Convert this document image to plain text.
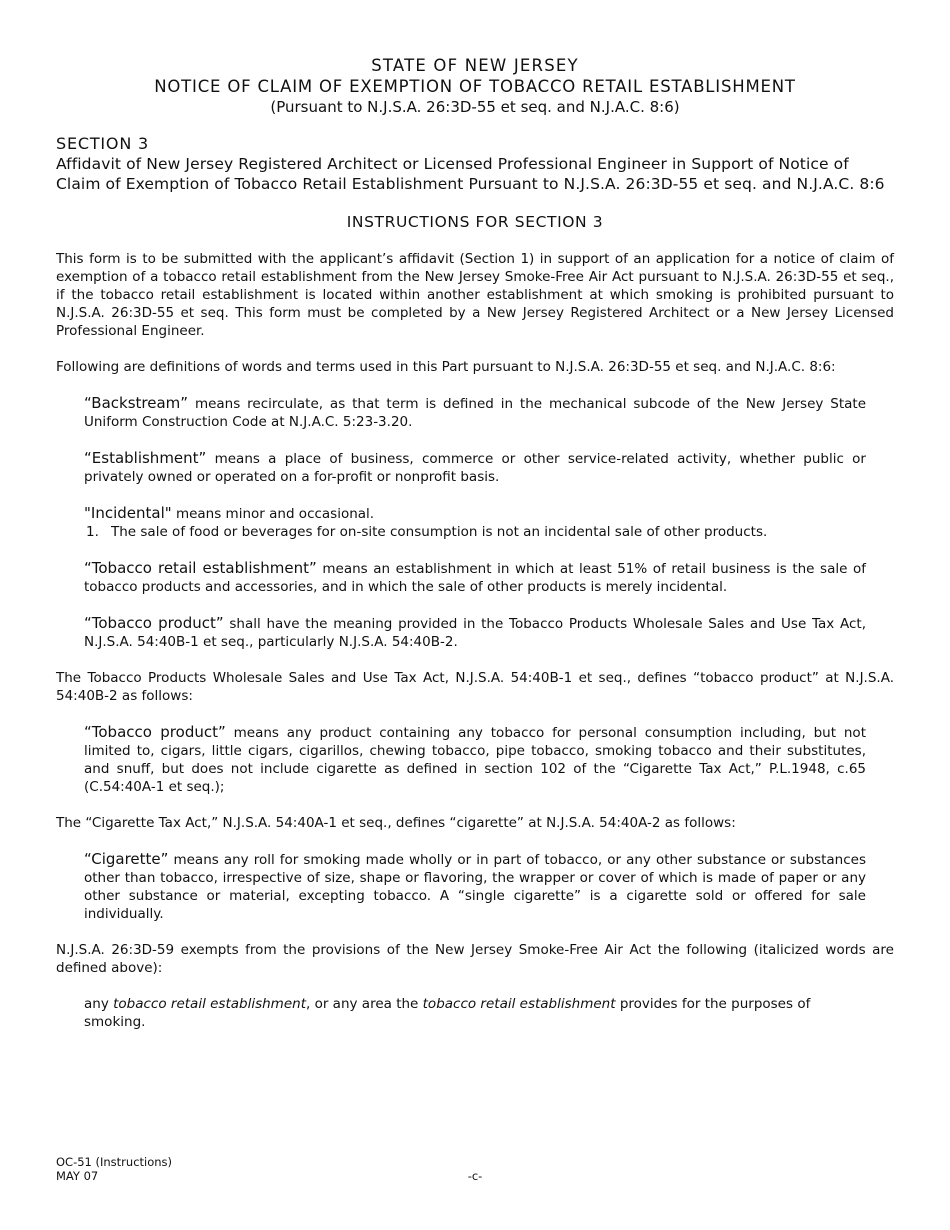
STATE OF NEW JERSEY
NOTICE OF CLAIM OF EXEMPTION OF TOBACCO RETAIL ESTABLISHMENT
(Pursuant to N.J.S.A. 26:3D-55 et seq. and N.J.A.C. 8:6)
SECTION 3
Affidavit of New Jersey Registered Architect or Licensed Professional Engineer in Support of Notice of Claim of Exemption of Tobacco Retail Establishment Pursuant to N.J.S.A. 26:3D-55 et seq. and N.J.A.C. 8:6
INSTRUCTIONS FOR SECTION 3

This form is to be submitted with the applicant’s affidavit (Section 1) in support of an application for a notice of claim of exemption of a tobacco retail establishment from the New Jersey Smoke-Free Air Act pursuant to N.J.S.A. 26:3D-55 et seq., if the tobacco retail establishment is located within another establishment at which smoking is prohibited pursuant to N.J.S.A. 26:3D-55 et seq. This form must be completed by a New Jersey Registered Architect or a New Jersey Licensed Professional Engineer.

Following are definitions of words and terms used in this Part pursuant to N.J.S.A. 26:3D-55 et seq. and N.J.A.C. 8:6:

“Backstream” means recirculate, as that term is defined in the mechanical subcode of the New Jersey State Uniform Construction Code at N.J.A.C. 5:23-3.20.

“Establishment” means a place of business, commerce or other service-related activity, whether public or privately owned or operated on a for-profit or nonprofit basis.

"Incidental" means minor and occasional.

1. The sale of food or beverages for on-site consumption is not an incidental sale of other products.

“Tobacco retail establishment” means an establishment in which at least 51% of retail business is the sale of tobacco products and accessories, and in which the sale of other products is merely incidental.

“Tobacco product” shall have the meaning provided in the Tobacco Products Wholesale Sales and Use Tax Act, N.J.S.A. 54:40B-1 et seq., particularly N.J.S.A. 54:40B-2.

The Tobacco Products Wholesale Sales and Use Tax Act, N.J.S.A. 54:40B-1 et seq., defines “tobacco product” at N.J.S.A. 54:40B-2 as follows:

“Tobacco product” means any product containing any tobacco for personal consumption including, but not limited to, cigars, little cigars, cigarillos, chewing tobacco, pipe tobacco, smoking tobacco and their substitutes, and snuff, but does not include cigarette as defined in section 102 of the “Cigarette Tax Act,” P.L.1948, c.65 (C.54:40A-1 et seq.);

The “Cigarette Tax Act,” N.J.S.A. 54:40A-1 et seq., defines “cigarette” at N.J.S.A. 54:40A-2 as follows:

“Cigarette” means any roll for smoking made wholly or in part of tobacco, or any other substance or substances other than tobacco, irrespective of size, shape or flavoring, the wrapper or cover of which is made of paper or any other substance or material, excepting tobacco. A “single cigarette” is a cigarette sold or offered for sale individually.

N.J.S.A. 26:3D-59 exempts from the provisions of the New Jersey Smoke-Free Air Act the following (italicized words are defined above):

any tobacco retail establishment, or any area the tobacco retail establishment provides for the purposes of smoking.

OC-51 (Instructions)
MAY 07	-c-
